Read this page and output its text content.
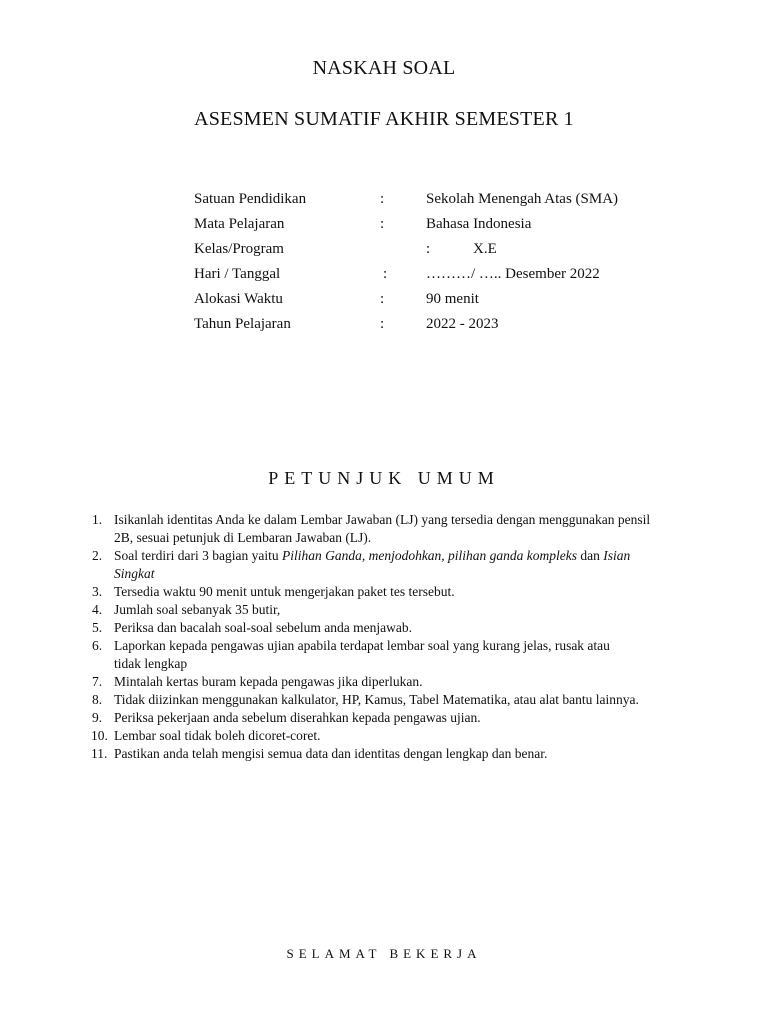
NASKAH SOAL
ASESMEN SUMATIF AKHIR SEMESTER 1
Satuan Pendidikan	:	Sekolah Menengah Atas (SMA)
Mata Pelajaran	:	Bahasa Indonesia
Kelas/Program	:	X.E
Hari / Tanggal	:	………/ ….. Desember 2022
Alokasi Waktu	:	90 menit
Tahun Pelajaran	:	2022 - 2023
PETUNJUK UMUM
1. Isikanlah identitas Anda ke dalam Lembar Jawaban (LJ) yang tersedia dengan menggunakan pensil
2B, sesuai petunjuk di Lembaran Jawaban (LJ).
2. Soal terdiri dari 3 bagian yaitu Pilihan Ganda, menjodohkan, pilihan ganda kompleks dan Isian
Singkat
3. Tersedia waktu 90 menit untuk mengerjakan paket tes tersebut.
4. Jumlah soal sebanyak 35 butir,
5. Periksa dan bacalah soal-soal sebelum anda menjawab.
6. Laporkan kepada pengawas ujian apabila terdapat lembar soal yang kurang jelas, rusak atau
tidak lengkap
7. Mintalah kertas buram kepada pengawas jika diperlukan.
8. Tidak diizinkan menggunakan kalkulator, HP, Kamus, Tabel Matematika, atau alat bantu lainnya.
9. Periksa pekerjaan anda sebelum diserahkan kepada pengawas ujian.
10. Lembar soal tidak boleh dicoret-coret.
11. Pastikan anda telah mengisi semua data dan identitas dengan lengkap dan benar.
SELAMAT BEKERJA
